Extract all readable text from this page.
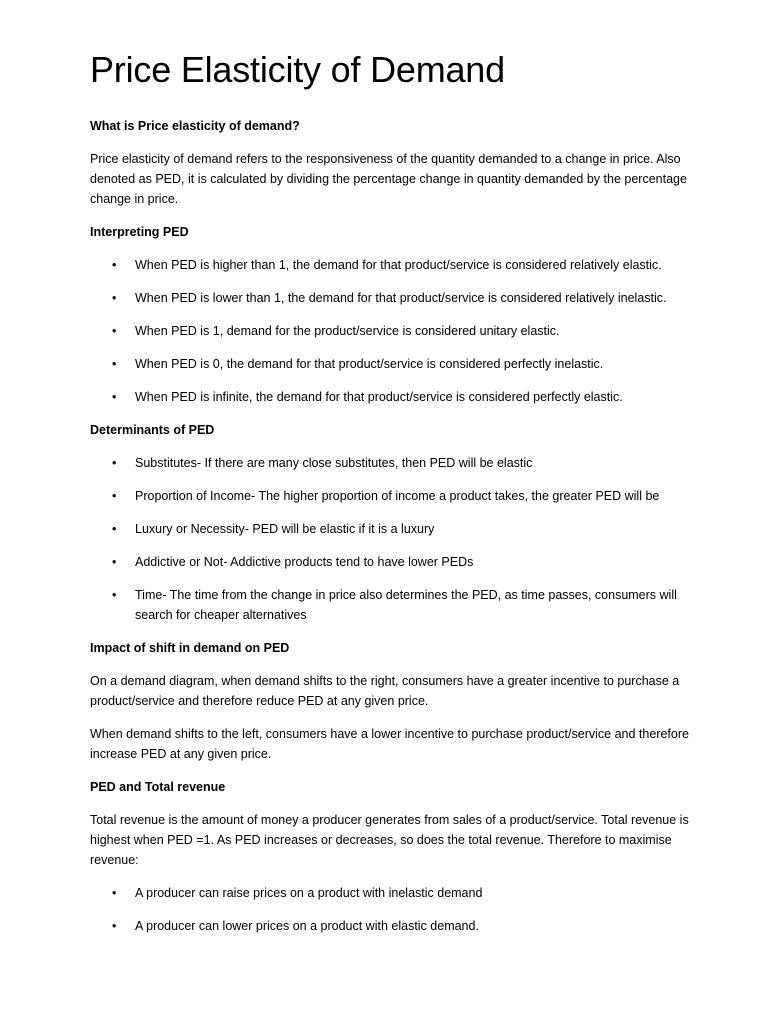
Price Elasticity of Demand
What is Price elasticity of demand?

Price elasticity of demand refers to the responsiveness of the quantity demanded to a change in price. Also denoted as PED, it is calculated by dividing the percentage change in quantity demanded by the percentage change in price.

Interpreting PED
• When PED is higher than 1, the demand for that product/service is considered relatively elastic.
• When PED is lower than 1, the demand for that product/service is considered relatively inelastic.
• When PED is 1, demand for the product/service is considered unitary elastic.
• When PED is 0, the demand for that product/service is considered perfectly inelastic.
• When PED is infinite, the demand for that product/service is considered perfectly elastic.
Determinants of PED
• Substitutes- If there are many close substitutes, then PED will be elastic
• Proportion of Income- The higher proportion of income a product takes, the greater PED will be
• Luxury or Necessity- PED will be elastic if it is a luxury
• Addictive or Not- Addictive products tend to have lower PEDs
• Time- The time from the change in price also determines the PED, as time passes, consumers will search for cheaper alternatives
Impact of shift in demand on PED

On a demand diagram, when demand shifts to the right, consumers have a greater incentive to purchase a product/service and therefore reduce PED at any given price.

When demand shifts to the left, consumers have a lower incentive to purchase product/service and therefore increase PED at any given price.

PED and Total revenue

Total revenue is the amount of money a producer generates from sales of a product/service. Total revenue is highest when PED =1. As PED increases or decreases, so does the total revenue. Therefore to maximise revenue:

• A producer can raise prices on a product with inelastic demand
• A producer can lower prices on a product with elastic demand.
